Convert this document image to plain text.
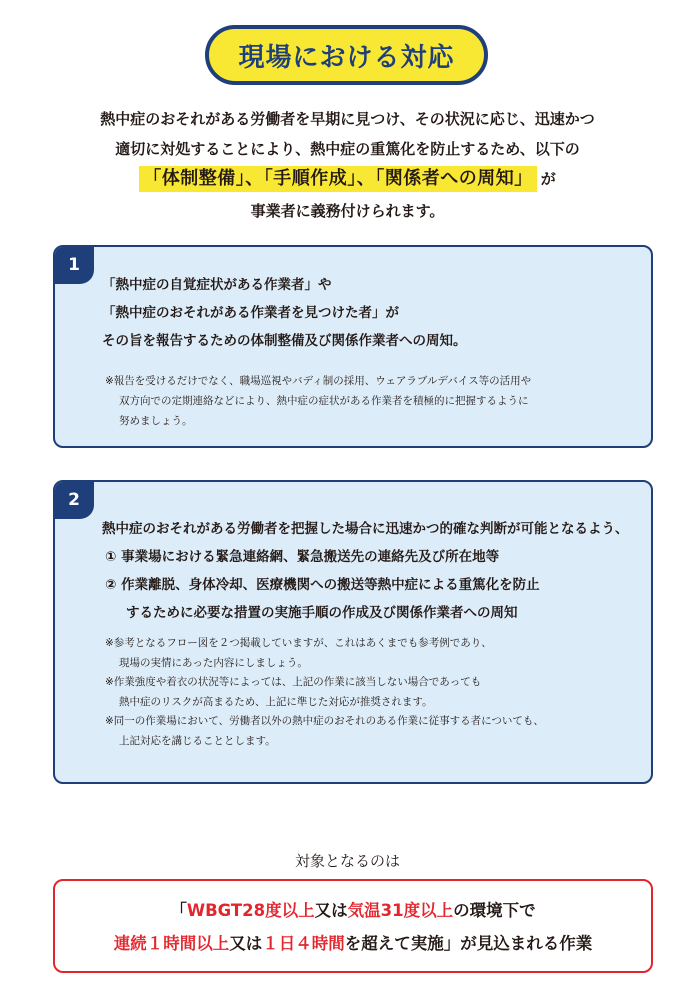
現場における対応
熱中症のおそれがある労働者を早期に見つけ、その状況に応じ、迅速かつ
適切に対処することにより、熱中症の重篤化を防止するため、以下の
「体制整備」、「手順作成」、「関係者への周知」 が
事業者に義務付けられます。
1
「熱中症の自覚症状がある作業者」や
「熱中症のおそれがある作業者を見つけた者」が
その旨を報告するための体制整備及び関係作業者への周知。
※報告を受けるだけでなく、職場巡視やバディ制の採用、ウェアラブルデバイス等の活用や
双方向での定期連絡などにより、熱中症の症状がある作業者を積極的に把握するように
努めましょう。
2
熱中症のおそれがある労働者を把握した場合に迅速かつ的確な判断が可能となるよう、
① 事業場における緊急連絡網、緊急搬送先の連絡先及び所在地等
② 作業離脱、身体冷却、医療機関への搬送等熱中症による重篤化を防止
するために必要な措置の実施手順の作成及び関係作業者への周知
※参考となるフロー図を２つ掲載していますが、これはあくまでも参考例であり、
現場の実情にあった内容にしましょう。
※作業強度や着衣の状況等によっては、上記の作業に該当しない場合であっても
熱中症のリスクが高まるため、上記に準じた対応が推奨されます。
※同一の作業場において、労働者以外の熱中症のおそれのある作業に従事する者についても、
上記対応を講じることとします。
対象となるのは
「WBGT28度以上又は気温31度以上の環境下で
連続１時間以上又は１日４時間を超えて実施」が見込まれる作業
